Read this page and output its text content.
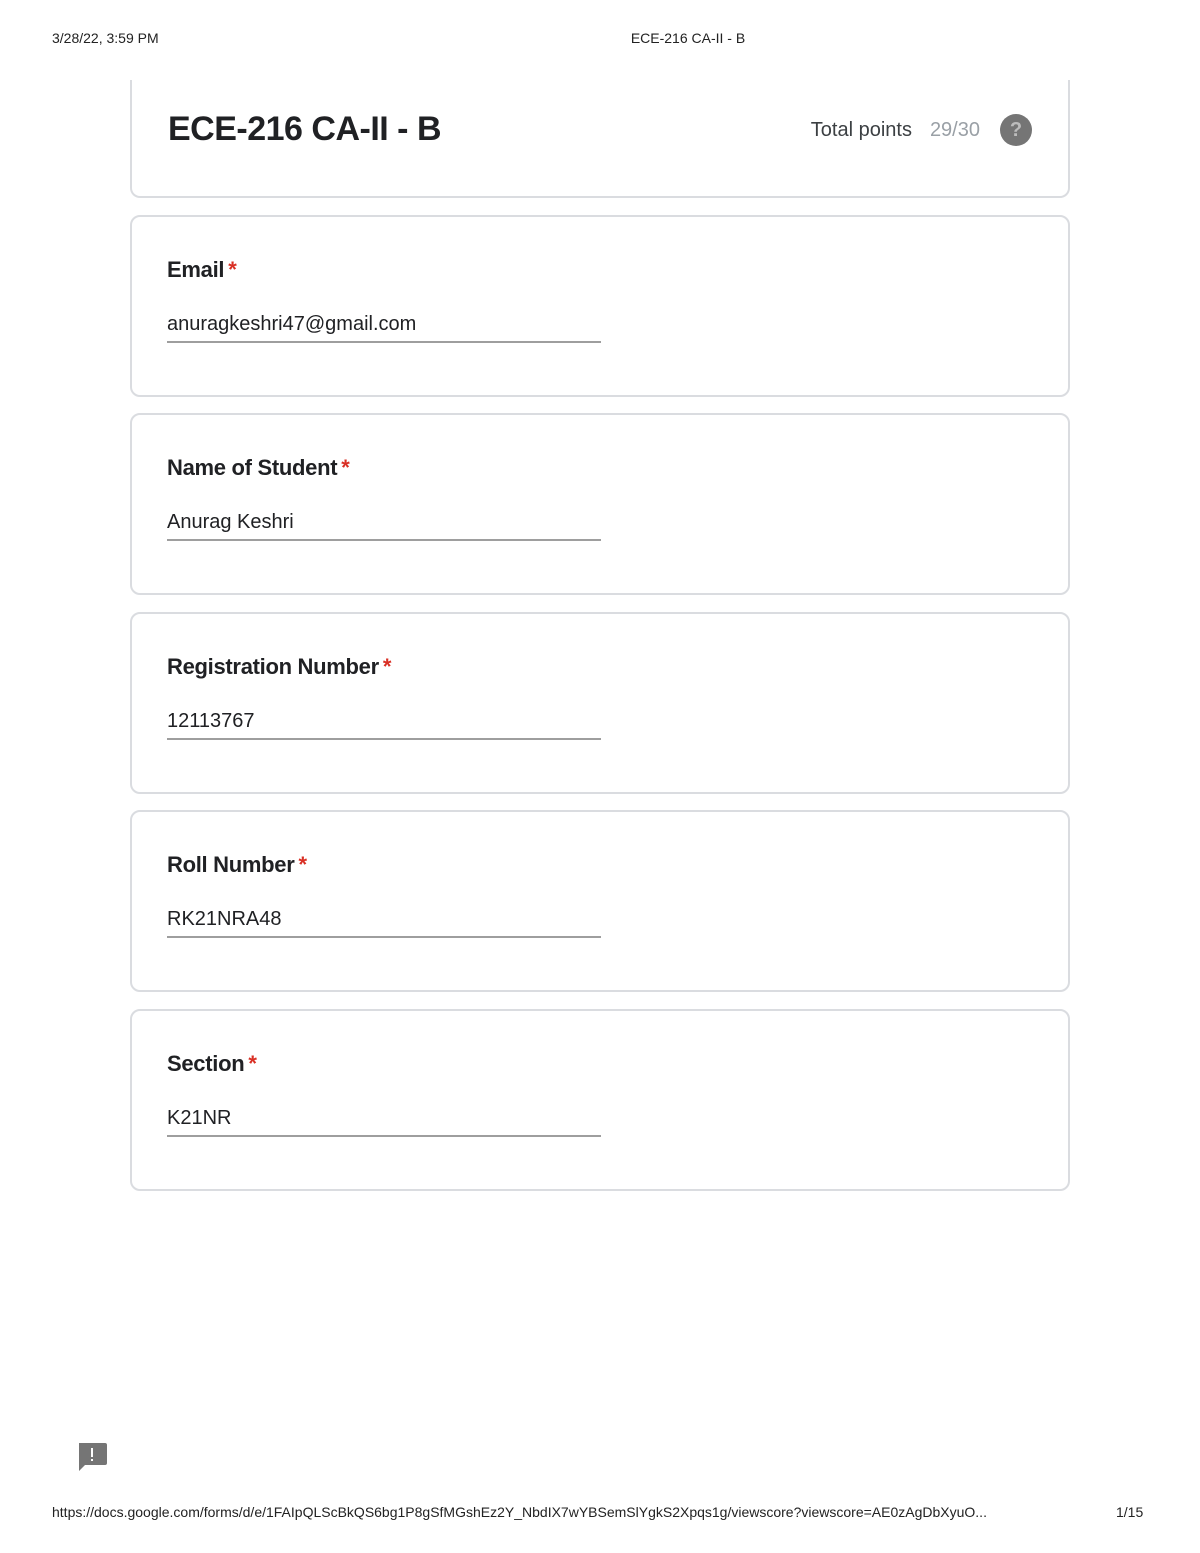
3/28/22, 3:59 PM	ECE-216 CA-II - B
ECE-216 CA-II - B	Total points 29/30	?
Email *
anuragkeshri47@gmail.com
Name of Student *
Anurag Keshri
Registration Number *
12113767
Roll Number *
RK21NRA48
Section *
K21NR
https://docs.google.com/forms/d/e/1FAIpQLScBkQS6bg1P8gSfMGshEz2Y_NbdIX7wYBSemSlYgkS2Xpqs1g/viewscore?viewscore=AE0zAgDbXyuO...	1/15
